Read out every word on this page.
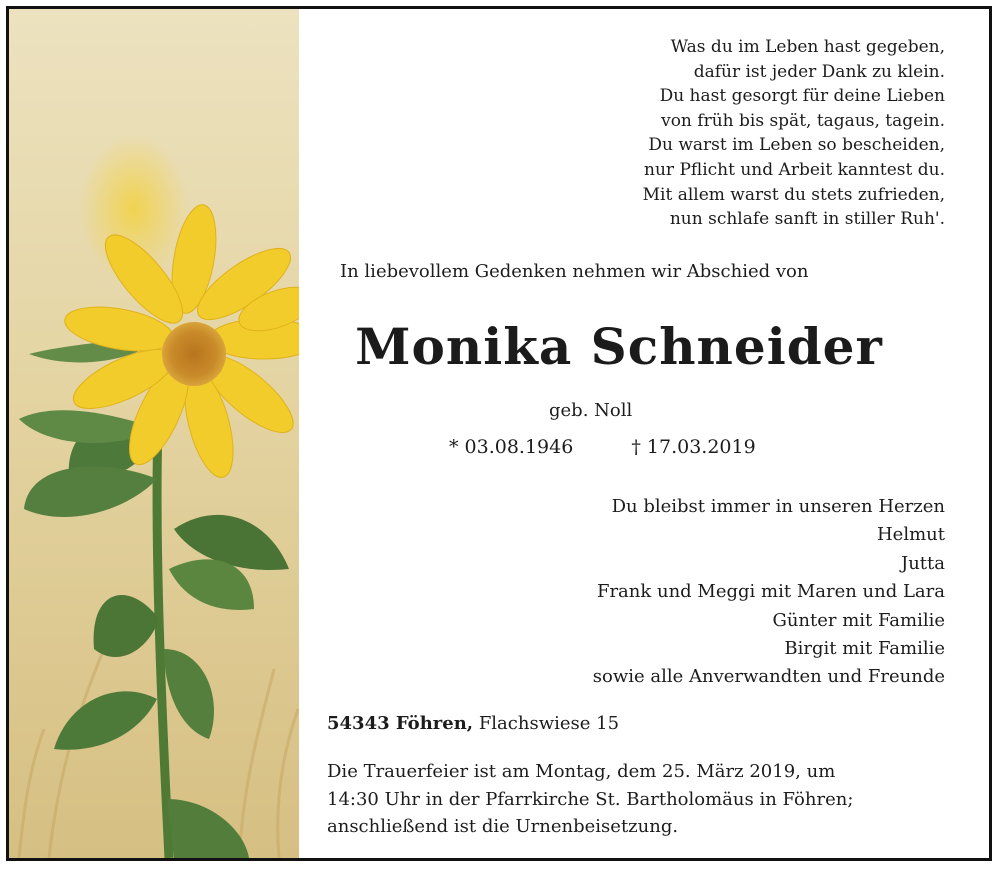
Was du im Leben hast gegeben,
dafür ist jeder Dank zu klein.
Du hast gesorgt für deine Lieben
von früh bis spät, tagaus, tagein.
Du warst im Leben so bescheiden,
nur Pflicht und Arbeit kanntest du.
Mit allem warst du stets zufrieden,
nun schlafe sanft in stiller Ruh'.
In liebevollem Gedenken nehmen wir Abschied von
Monika Schneider
geb. Noll
* 03.08.1946	† 17.03.2019
Du bleibst immer in unseren Herzen
Helmut
Jutta
Frank und Meggi mit Maren und Lara
Günter mit Familie
Birgit mit Familie
sowie alle Anverwandten und Freunde
54343 Föhren, Flachswiese 15
Die Trauerfeier ist am Montag, dem 25. März 2019, um
14:30 Uhr in der Pfarrkirche St. Bartholomäus in Föhren;
anschließend ist die Urnenbeisetzung.
